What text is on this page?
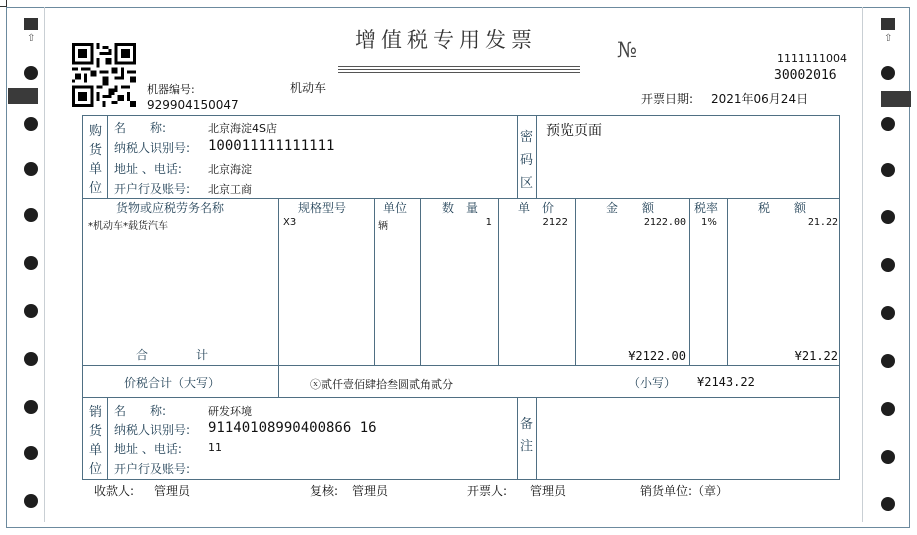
⇧	⇧
增值税专用发票	№	1111111004
30002016
机器编号:
929904150047
机动车
开票日期: 2021年06月24日
购
货
单
位
名　　称:	北京海淀4S店
纳税人识别号: 100011111111111
地址 、电话: 北京海淀
开户行及账号: 北京工商
密
码
区
预览页面
货物或应税劳务名称	规格型号	单位	数　量	单　价	金　　额	税率	税　　额
*机动车*载货汽车	X3	辆	1	2122	2122.00 1%	21.22
合　　　　计	¥2122.00	¥21.22
价税合计（大写）	ⓧ贰仟壹佰肆拾叁圆贰角贰分	（小写） ¥2143.22
销
货
单
位
名　　称:	研发环境
纳税人识别号: 91140108990400866 16
地址 、电话: 11
开户行及账号:
备
注
收款人: 管理员	复核: 管理员	开票人: 管理员	销货单位:（章）
